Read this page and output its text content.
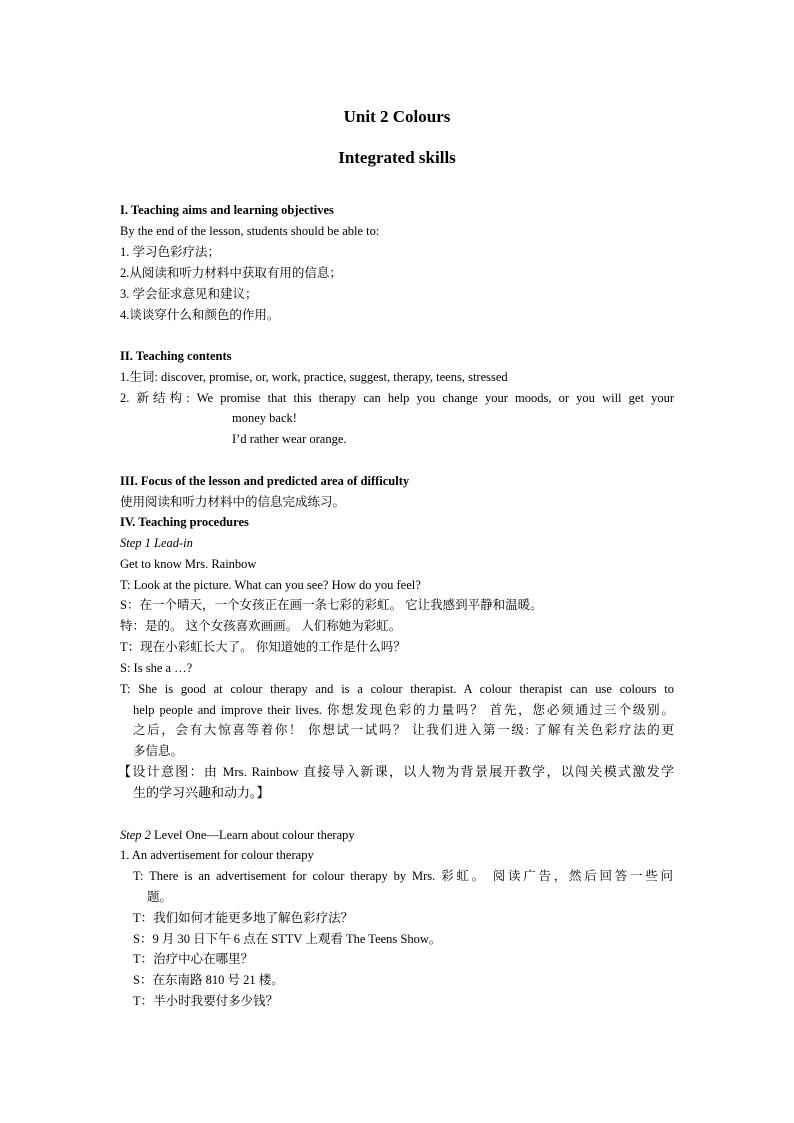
Unit 2 Colours
Integrated skills
I. Teaching aims and learning objectives
By the end of the lesson, students should be able to:
1. 学习色彩疗法；
2.从阅读和听力材料中获取有用的信息；
3. 学会征求意见和建议；
4.谈谈穿什么和颜色的作用。
II. Teaching contents
1.生词: discover, promise, or, work, practice, suggest, therapy, teens, stressed
2. 新结构: We promise that this therapy can help you change your moods, or you will get your
money back!
I’d rather wear orange.
III. Focus of the lesson and predicted area of difficulty
使用阅读和听力材料中的信息完成练习。
IV. Teaching procedures
Step 1 Lead-in
Get to know Mrs. Rainbow
T: Look at the picture. What can you see? How do you feel?
S：在一个晴天，一个女孩正在画一条七彩的彩虹。 它让我感到平静和温暖。
特：是的。 这个女孩喜欢画画。 人们称她为彩虹。
T：现在小彩虹长大了。 你知道她的工作是什么吗？
S: Is she a …?
T: She is good at colour therapy and is a colour therapist. A colour therapist can use colours to
help people and improve their lives. 你想发现色彩的力量吗？ 首先，您必须通过三个级别。
之后，会有大惊喜等着你！ 你想试一试吗？ 让我们进入第一级: 了解有关色彩疗法的更
多信息。
【设计意图：由 Mrs. Rainbow 直接导入新课，以人物为背景展开教学，以闯关模式激发学
生的学习兴趣和动力。】
Step 2 Level One—Learn about colour therapy
1. An advertisement for colour therapy
T: There is an advertisement for colour therapy by Mrs. 彩虹。 阅读广告，然后回答一些问
题。
T：我们如何才能更多地了解色彩疗法？
S：9 月 30 日下午 6 点在 STTV 上观看 The Teens Show。
T：治疗中心在哪里？
S：在东南路 810 号 21 楼。
T：半小时我要付多少钱？
